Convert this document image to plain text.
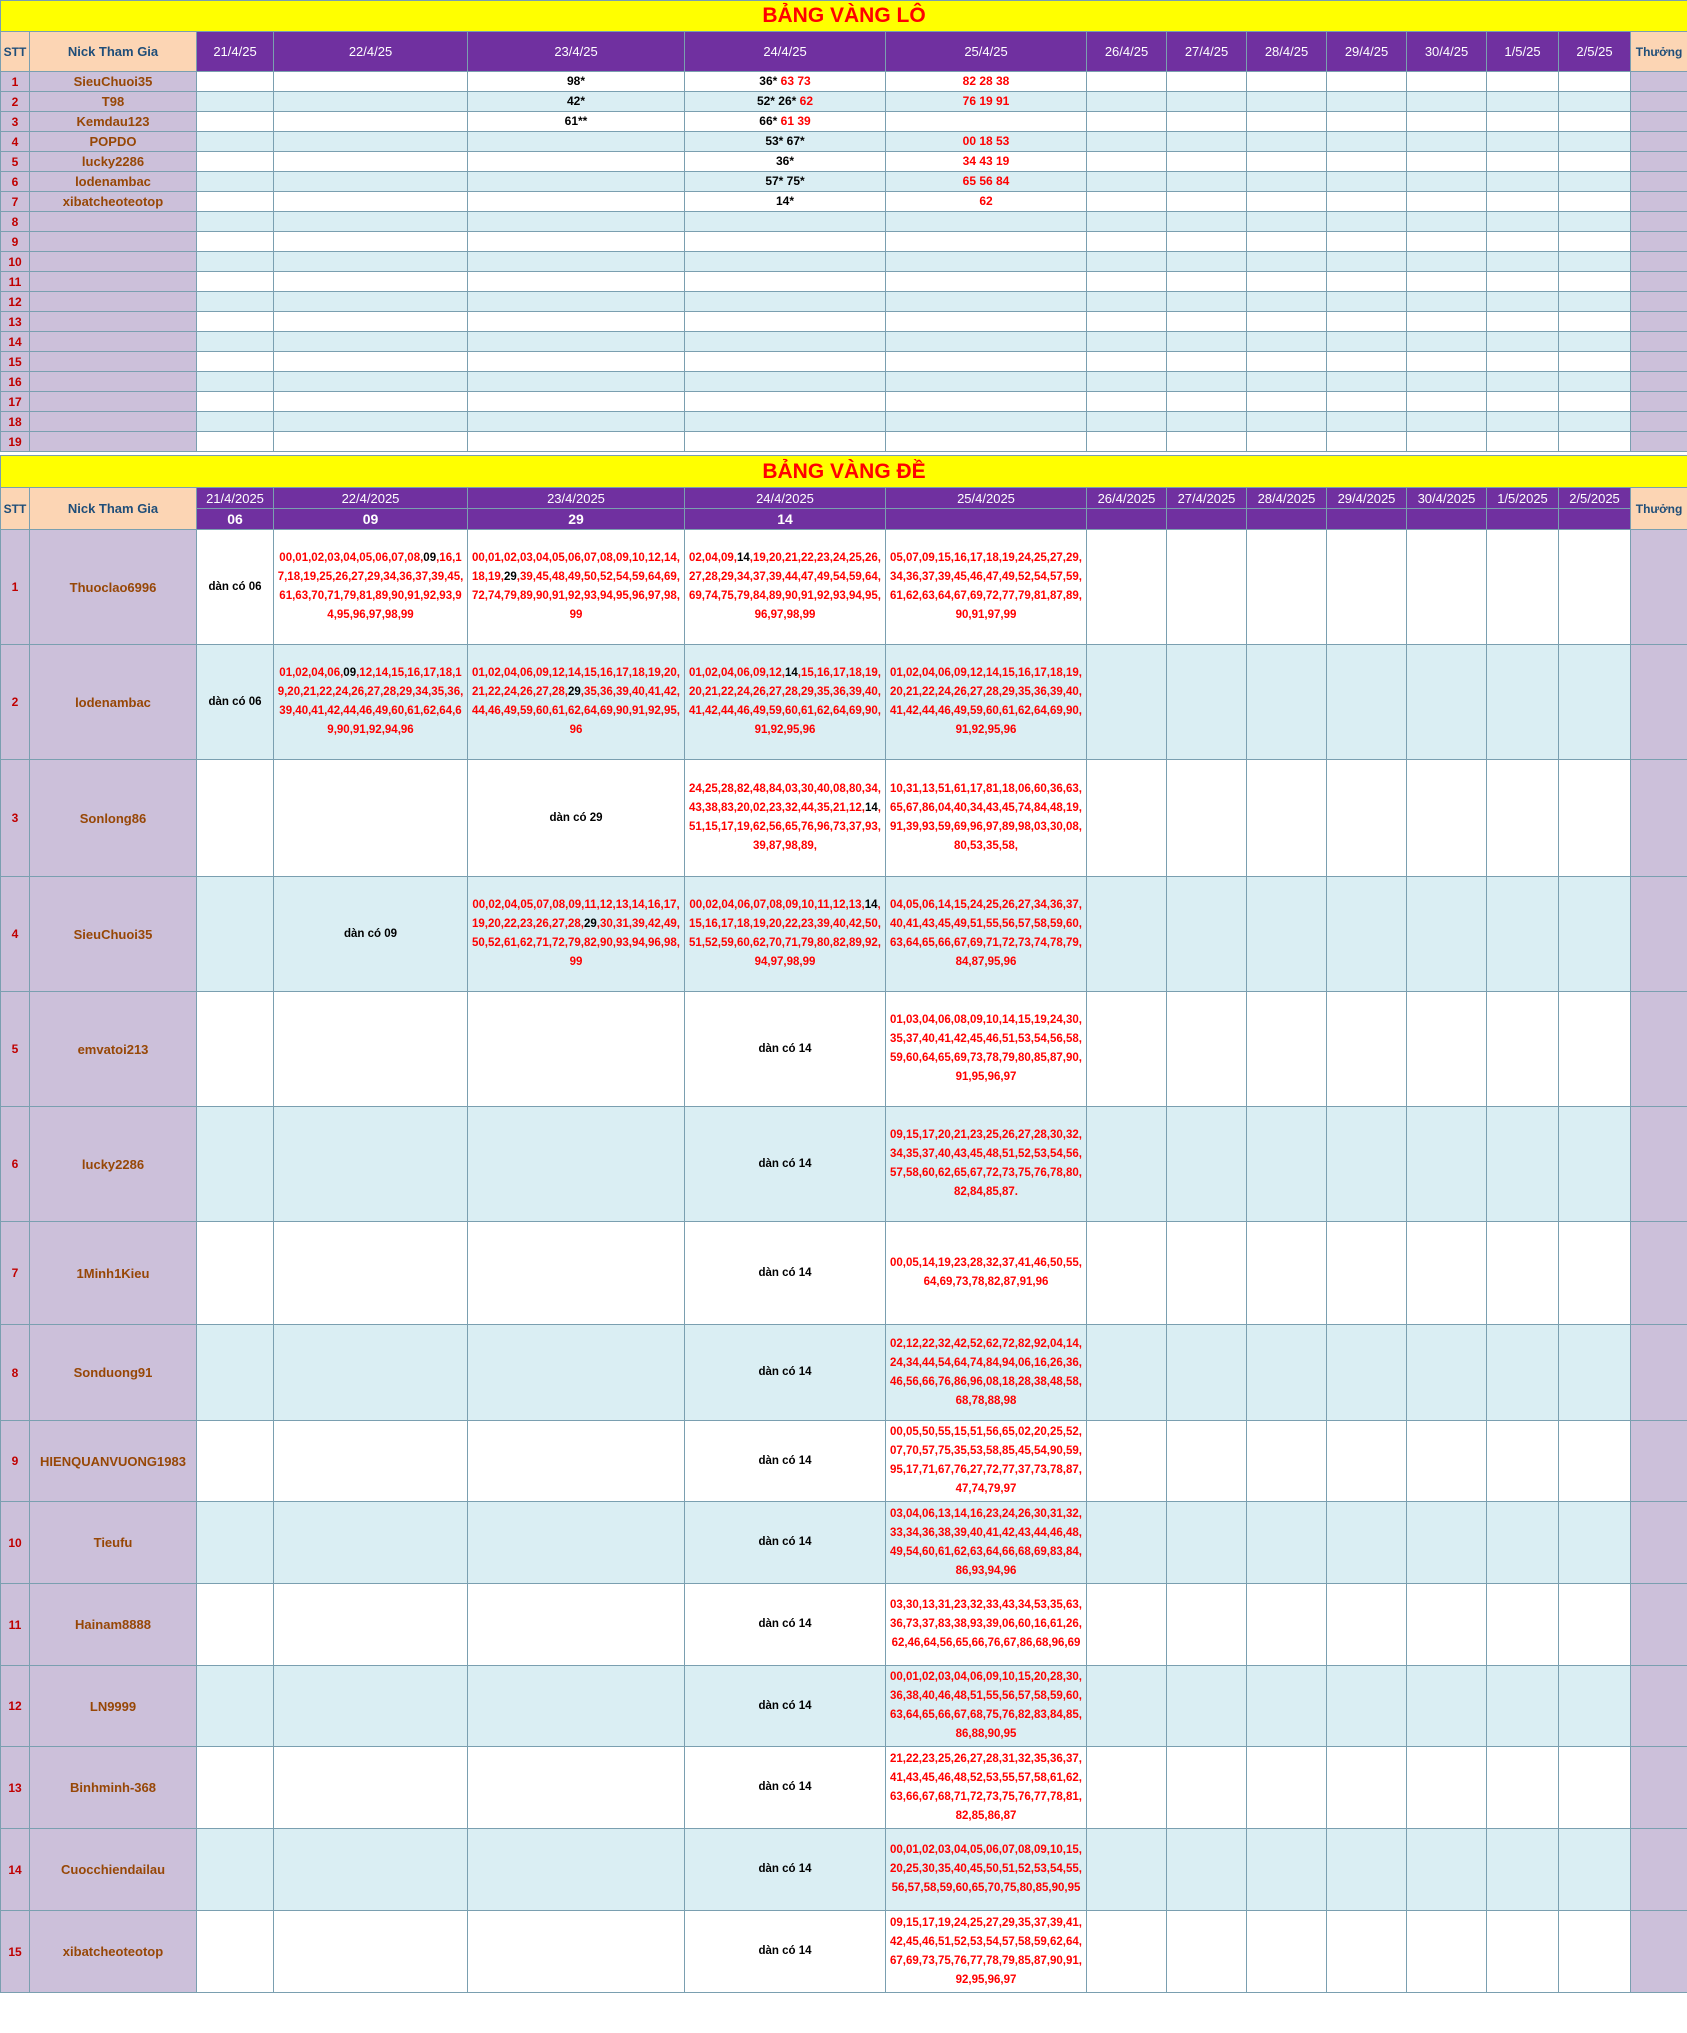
BẢNG VÀNG LÔ														
STT	Nick Tham Gia	21/4/25	22/4/25	23/4/25	24/4/25	25/4/25	26/4/25	27/4/25	28/4/25	29/4/25	30/4/25	1/5/25	2/5/25	Thưởng
1	SieuChuoi35			98*	36* 63 73	82 28 38								
2	T98			42*	52* 26* 62	76 19 91								
3	Kemdau123			61**	66* 61 39									
4	POPDO				53* 67*	00 18 53								
5	lucky2286				36*	34 43 19								
6	lodenambac				57* 75*	65 56 84								
7	xibatcheoteotop				14*	62								
8														
9														
10														
11														
12														
13														
14														
15														
16														
17														
18														
19														
BẢNG VÀNG ĐỀ														
STT	Nick Tham Gia	21/4/2025	22/4/2025	23/4/2025	24/4/2025	25/4/2025	26/4/2025	27/4/2025	28/4/2025	29/4/2025	30/4/2025	1/5/2025	2/5/2025	Thưởng
		06	09	29	14									
1	Thuoclao6996	dàn có 06	00,01,02,03,04,05,06,07,08,09,16,17,18,19,25,26,27,29,34,36,37,39,45,61,63,70,71,79,81,89,90,91,92,93,94,95,96,97,98,99	00,01,02,03,04,05,06,07,08,09,10,12,14,18,19,29,39,45,48,49,50,52,54,59,64,69,72,74,79,89,90,91,92,93,94,95,96,97,98,99	02,04,09,14,19,20,21,22,23,24,25,26,27,28,29,34,37,39,44,47,49,54,59,64,69,74,75,79,84,89,90,91,92,93,94,95,96,97,98,99	05,07,09,15,16,17,18,19,24,25,27,29,34,36,37,39,45,46,47,49,52,54,57,59,61,62,63,64,67,69,72,77,79,81,87,89,90,91,97,99								
2	lodenambac	dàn có 06	01,02,04,06,09,12,14,15,16,17,18,19,20,21,22,24,26,27,28,29,34,35,36,39,40,41,42,44,46,49,60,61,62,64,69,90,91,92,94,96	01,02,04,06,09,12,14,15,16,17,18,19,20,21,22,24,26,27,28,29,35,36,39,40,41,42,44,46,49,59,60,61,62,64,69,90,91,92,95,96	01,02,04,06,09,12,14,15,16,17,18,19,20,21,22,24,26,27,28,29,35,36,39,40,41,42,44,46,49,59,60,61,62,64,69,90,91,92,95,96	01,02,04,06,09,12,14,15,16,17,18,19,20,21,22,24,26,27,28,29,35,36,39,40,41,42,44,46,49,59,60,61,62,64,69,90,91,92,95,96								
3	Sonlong86			dàn có 29	24,25,28,82,48,84,03,30,40,08,80,34,43,38,83,20,02,23,32,44,35,21,12,14,51,15,17,19,62,56,65,76,96,73,37,93,39,87,98,89,	10,31,13,51,61,17,81,18,06,60,36,63,65,67,86,04,40,34,43,45,74,84,48,19,91,39,93,59,69,96,97,89,98,03,30,08,80,53,35,58,								
4	SieuChuoi35		dàn có 09	00,02,04,05,07,08,09,11,12,13,14,16,17,19,20,22,23,26,27,28,29,30,31,39,42,49,50,52,61,62,71,72,79,82,90,93,94,96,98,99	00,02,04,06,07,08,09,10,11,12,13,14,15,16,17,18,19,20,22,23,39,40,42,50,51,52,59,60,62,70,71,79,80,82,89,92,94,97,98,99	04,05,06,14,15,24,25,26,27,34,36,37,40,41,43,45,49,51,55,56,57,58,59,60,63,64,65,66,67,69,71,72,73,74,78,79,84,87,95,96								
5	emvatoi213				dàn có 14	01,03,04,06,08,09,10,14,15,19,24,30,35,37,40,41,42,45,46,51,53,54,56,58,59,60,64,65,69,73,78,79,80,85,87,90,91,95,96,97								
6	lucky2286				dàn có 14	09,15,17,20,21,23,25,26,27,28,30,32,34,35,37,40,43,45,48,51,52,53,54,56,57,58,60,62,65,67,72,73,75,76,78,80,82,84,85,87.								
7	1Minh1Kieu				dàn có 14	00,05,14,19,23,28,32,37,41,46,50,55,64,69,73,78,82,87,91,96								
8	Sonduong91				dàn có 14	02,12,22,32,42,52,62,72,82,92,04,14,24,34,44,54,64,74,84,94,06,16,26,36,46,56,66,76,86,96,08,18,28,38,48,58,68,78,88,98								
9	HIENQUANVUONG1983				dàn có 14	00,05,50,55,15,51,56,65,02,20,25,52,07,70,57,75,35,53,58,85,45,54,90,59,95,17,71,67,76,27,72,77,37,73,78,87,47,74,79,97								
10	Tieufu				dàn có 14	03,04,06,13,14,16,23,24,26,30,31,32,33,34,36,38,39,40,41,42,43,44,46,48,49,54,60,61,62,63,64,66,68,69,83,84,86,93,94,96								
11	Hainam8888				dàn có 14	03,30,13,31,23,32,33,43,34,53,35,63,36,73,37,83,38,93,39,06,60,16,61,26,62,46,64,56,65,66,76,67,86,68,96,69								
12	LN9999				dàn có 14	00,01,02,03,04,06,09,10,15,20,28,30,36,38,40,46,48,51,55,56,57,58,59,60,63,64,65,66,67,68,75,76,82,83,84,85,86,88,90,95								
13	Binhminh-368				dàn có 14	21,22,23,25,26,27,28,31,32,35,36,37,41,43,45,46,48,52,53,55,57,58,61,62,63,66,67,68,71,72,73,75,76,77,78,81,82,85,86,87								
14	Cuocchiendailau				dàn có 14	00,01,02,03,04,05,06,07,08,09,10,15,20,25,30,35,40,45,50,51,52,53,54,55,56,57,58,59,60,65,70,75,80,85,90,95								
15	xibatcheoteotop				dàn có 14	09,15,17,19,24,25,27,29,35,37,39,41,42,45,46,51,52,53,54,57,58,59,62,64,67,69,73,75,76,77,78,79,85,87,90,91,92,95,96,97								
